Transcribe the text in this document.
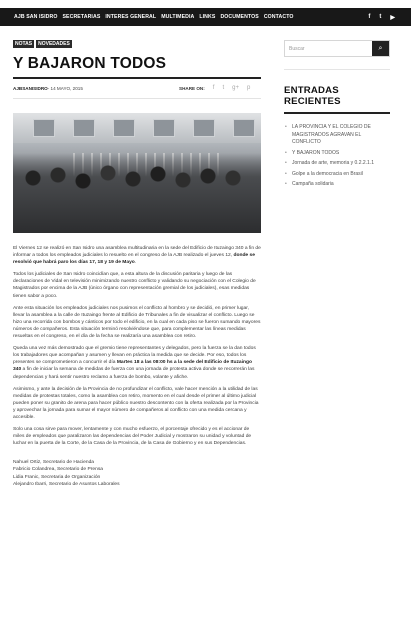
AJB SAN ISIDRO SECRETARIAS INTERES GENERAL MULTIMEDIA LINKS DOCUMENTOS CONTACTO	f t ▶
NOTAS	NOVEDADES
Y BAJARON TODOS
AJBSANISIDRO- 14 MAYO, 2015	SHARE ON: f t g+ p

El Viernes 12 se realizó en San Isidro una asamblea multitudinaria en la sede del Edificio de Ituzaingo 340 a fin de informar a todos los empleados judiciales lo resuelto en el congreso de la AJB realizado el jueves 12, donde se resolvió que habrá paro los días 17, 18 y 19 de Mayo.

Todos los judiciales de San Isidro coincidían que, a esta altura de la discusión paritaria y luego de las declaraciones de Vidal en televisión minimizando nuestro conflicto y validando su negociación con el Colegio de Magistrados por encima de la AJB (único órgano con representación gremial de los judiciales), esas medidas tienen sabor a poco.

Ante esta situación los empleados judiciales nos pusimos el conflicto al hombro y se decidió, en primer lugar, llevar la asamblea a la calle de Ituzaingo frente al Edificio de Tribunales a fin de visualizar el conflicto. Luego se hizo una recorrida con bombos y cánticos por todo el edificio, en la cual en cada piso se fueron sumando mayores números de compañeros. Esta situación terminó resolviéndose que, para complementar las líneas medidas resueltas en el congreso, en el día de la fecha se realizaría una asamblea con retiro.

Queda una vez más demostrado que el gremio tiene representantes y delegados, pero la fuerza se la dan todos los trabajadores que acompañan y asumen y llevan en práctica la medida que se decide. Por eso, todos los presentes se comprometieron a concurrir el día Martes 18 a las 08:00 hs a la sede del Edificio de Ituzaingo 340 a fin de iniciar la semana de medidas de fuerza con una jornada de protesta activa donde se recorrerán las dependencias y hará sentir nuestro reclamo a fuerza de bombo, volante y afiche.

Asimismo, y ante la decisión de la Provincia de no profundizar el conflicto, vale hacer mención a la utilidad de las medidas de protestas totales, como la asamblea con retiro, momento en el cual desde el primer al último judicial pueden poner su granito de arena para hacer público nuestro descontento con la oferta realizada por la Provincia y aprovechar la jornada para sumar el mayor número de compañeros al conflicto con una medida cercana y accesible.

Solo una cosa sirve para mover, lentamente y con mucho esfuerzo, el porcentaje ofrecido y es el accionar de miles de empleados que paralizaron las dependencias del Poder Judicial y mostraron su unidad y voluntad de luchar en la puerta de la Corte, de la Casa de la Provincia, de la Casa de Gobierno y en sus Dependencias.

Nahuel Ortiz, Secretario de Hacienda
Fabricio Colandrea, Secretario de Prensa
Lidia Franic, Secretaria de Organización
Alejandro Ibarri, Secretario de Asuntos Laborales
Buscar	⌕
ENTRADAS RECIENTES
• LA PROVINCIA Y EL COLEGIO DE MAGISTRADOS AGRAVAN EL CONFLICTO
• Y BAJARON TODOS
• Jornada de arte, memoria y 0.2.2.1.1
• Golpe a la democracia en Brasil
• Campaña solidaria
